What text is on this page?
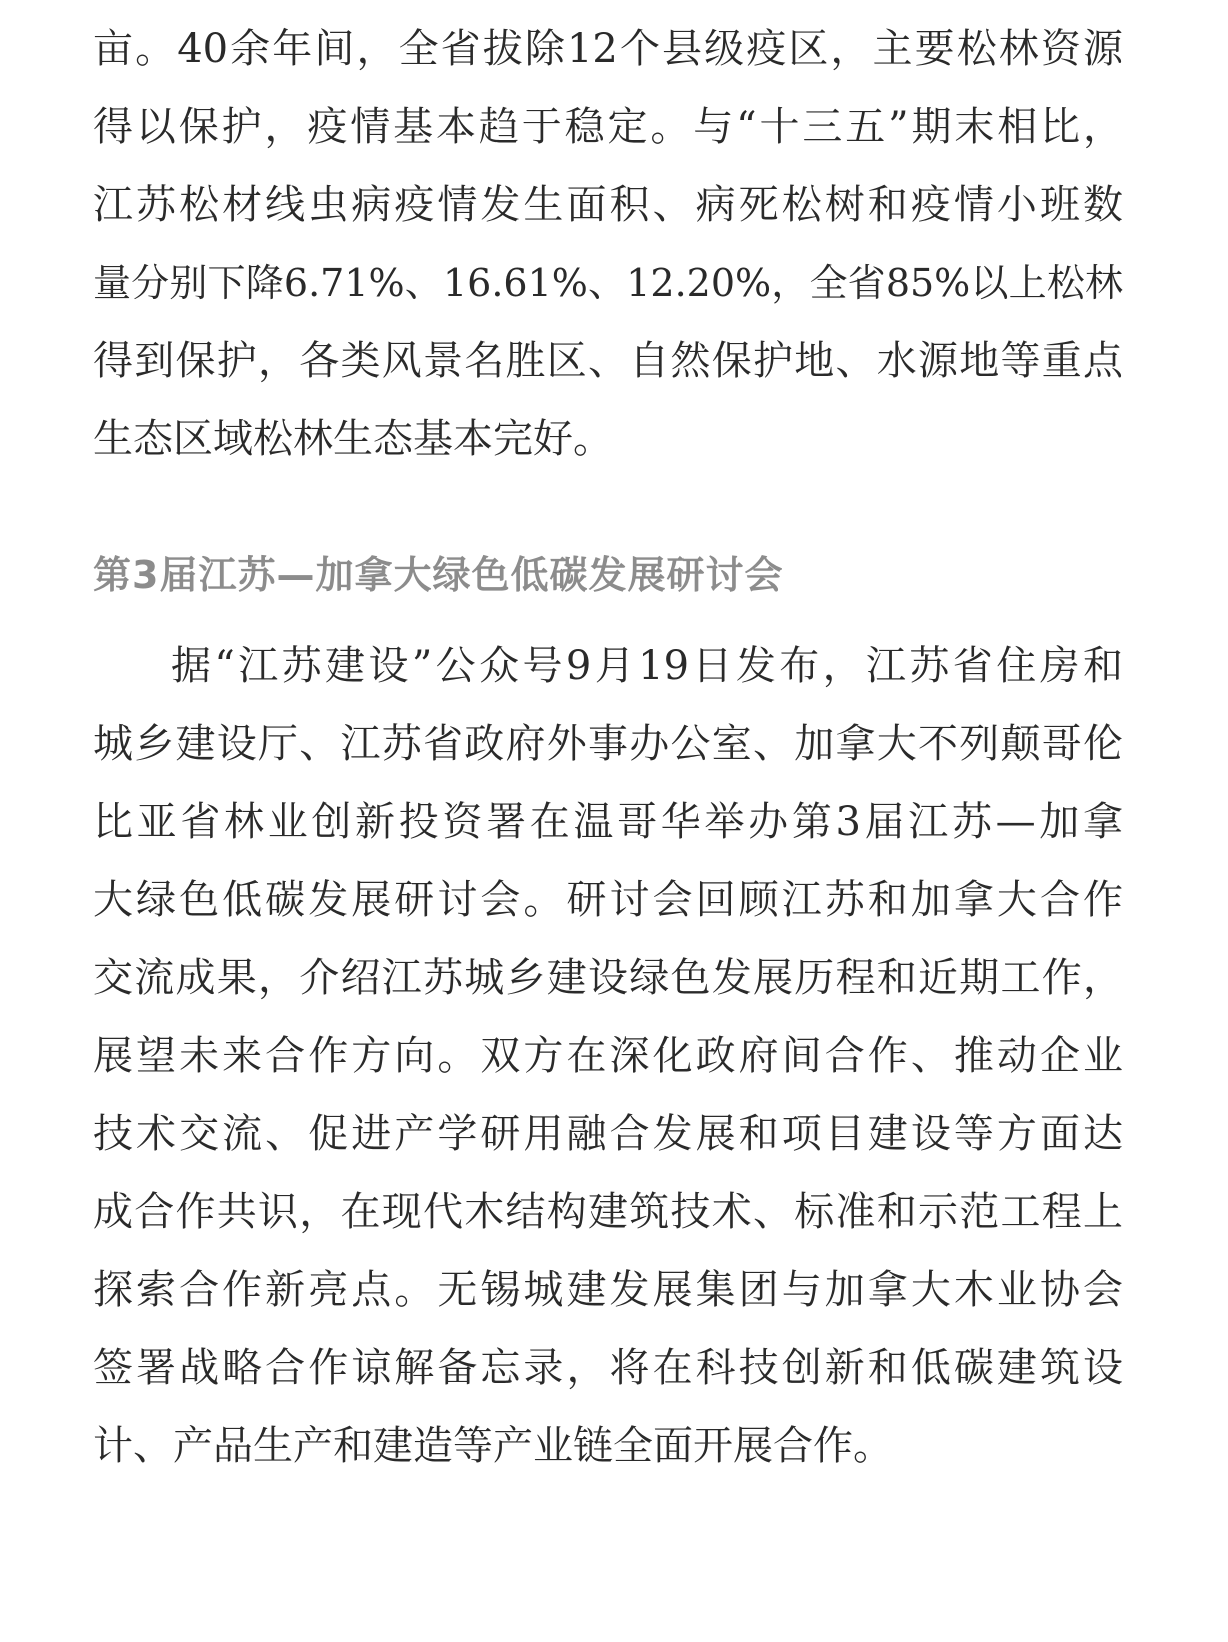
亩。40余年间，全省拔除12个县级疫区，主要松林资源
得以保护，疫情基本趋于稳定。与“十三五”期末相比，
江苏松材线虫病疫情发生面积、病死松树和疫情小班数
量分别下降6.71%、16.61%、12.20%，全省85%以上松林
得到保护，各类风景名胜区、自然保护地、水源地等重点
生态区域松林生态基本完好。
第3届江苏—加拿大绿色低碳发展研讨会
据“江苏建设”公众号9月19日发布，江苏省住房和
城乡建设厅、江苏省政府外事办公室、加拿大不列颠哥伦
比亚省林业创新投资署在温哥华举办第3届江苏—加拿
大绿色低碳发展研讨会。研讨会回顾江苏和加拿大合作
交流成果，介绍江苏城乡建设绿色发展历程和近期工作，
展望未来合作方向。双方在深化政府间合作、推动企业
技术交流、促进产学研用融合发展和项目建设等方面达
成合作共识，在现代木结构建筑技术、标准和示范工程上
探索合作新亮点。无锡城建发展集团与加拿大木业协会
签署战略合作谅解备忘录，将在科技创新和低碳建筑设
计、产品生产和建造等产业链全面开展合作。
